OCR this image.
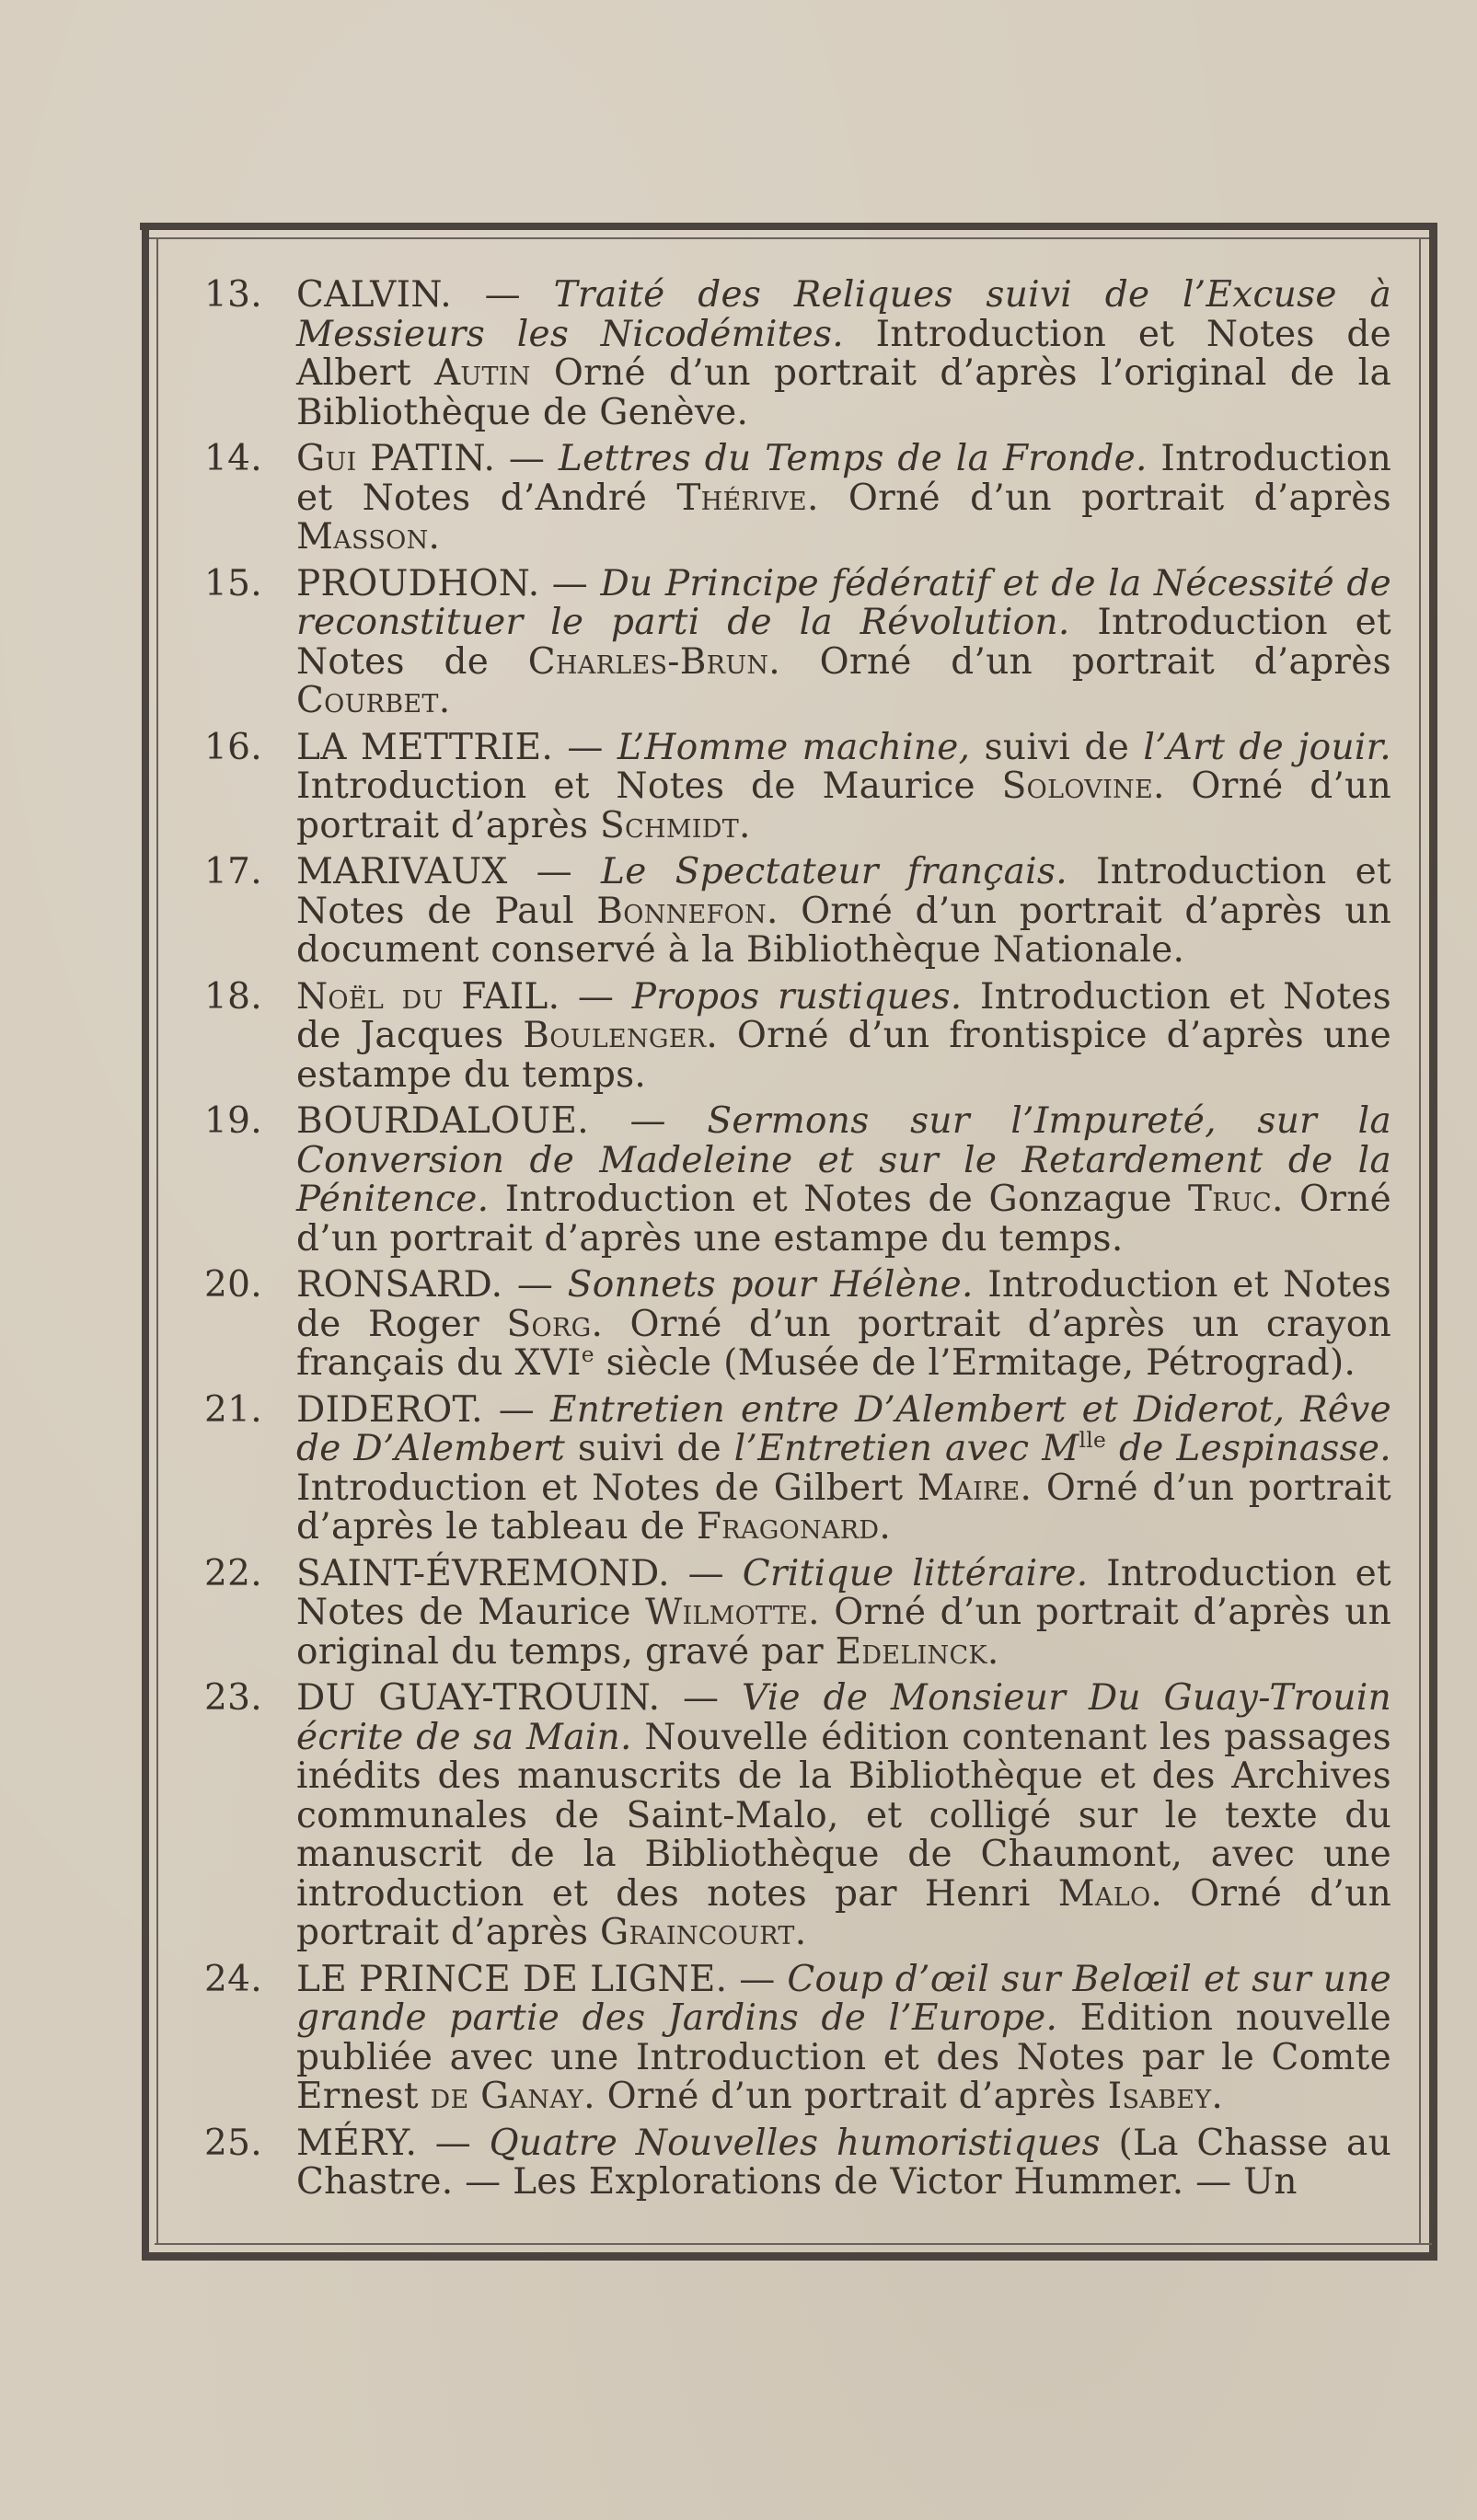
13. CALVIN. — Traité des Reliques suivi de l’Excuse à Messieurs les Nicodémites. Introduction et Notes de Albert Autin Orné d’un portrait d’après l’original de la Bibliothèque de Genève.
14. Gui PATIN. — Lettres du Temps de la Fronde. Introduction et Notes d’André Thérive. Orné d’un portrait d’après Masson.
15. PROUDHON. — Du Principe fédératif et de la Nécessité de reconstituer le parti de la Révolution. Introduction et Notes de Charles-Brun. Orné d’un portrait d’après Courbet.
16. LA METTRIE. — L’Homme machine, suivi de l’Art de jouir. Introduction et Notes de Maurice Solovine. Orné d’un portrait d’après Schmidt.
17. MARIVAUX — Le Spectateur français. Introduction et Notes de Paul Bonnefon. Orné d’un portrait d’après un document conservé à la Bibliothèque Nationale.
18. Noël du FAIL. — Propos rustiques. Introduction et Notes de Jacques Boulenger. Orné d’un frontispice d’après une estampe du temps.
19. BOURDALOUE. — Sermons sur l’Impureté, sur la Conversion de Madeleine et sur le Retardement de la Pénitence. Introduction et Notes de Gonzague Truc. Orné d’un portrait d’après une estampe du temps.
20. RONSARD. — Sonnets pour Hélène. Introduction et Notes de Roger Sorg. Orné d’un portrait d’après un crayon français du XVIe siècle (Musée de l’Ermitage, Pétrograd).
21. DIDEROT. — Entretien entre D’Alembert et Diderot, Rêve de D’Alembert suivi de l’Entretien avec $M^{lle}$ de Lespinasse. Introduction et Notes de Gilbert Maire. Orné d’un portrait d’après le tableau de Fragonard.
22. SAINT-ÉVREMOND. — Critique littéraire. Introduction et Notes de Maurice Wilmotte. Orné d’un portrait d’après un original du temps, gravé par Edelinck.
23. DU GUAY-TROUIN. — Vie de Monsieur Du Guay-Trouin écrite de sa Main. Nouvelle édition contenant les passages inédits des manuscrits de la Bibliothèque et des Archives communales de Saint-Malo, et colligé sur le texte du manuscrit de la Bibliothèque de Chaumont, avec une introduction et des notes par Henri Malo. Orné d’un portrait d’après Graincourt.
24. LE PRINCE DE LIGNE. — Coup d’œil sur Belœil et sur une grande partie des Jardins de l’Europe. Edition nouvelle publiée avec une Introduction et des Notes par le Comte Ernest de Ganay. Orné d’un portrait d’après Isabey.
25. MÉRY. — Quatre Nouvelles humoristiques (La Chasse au Chastre. — Les Explorations de Victor Hummer. — Un
